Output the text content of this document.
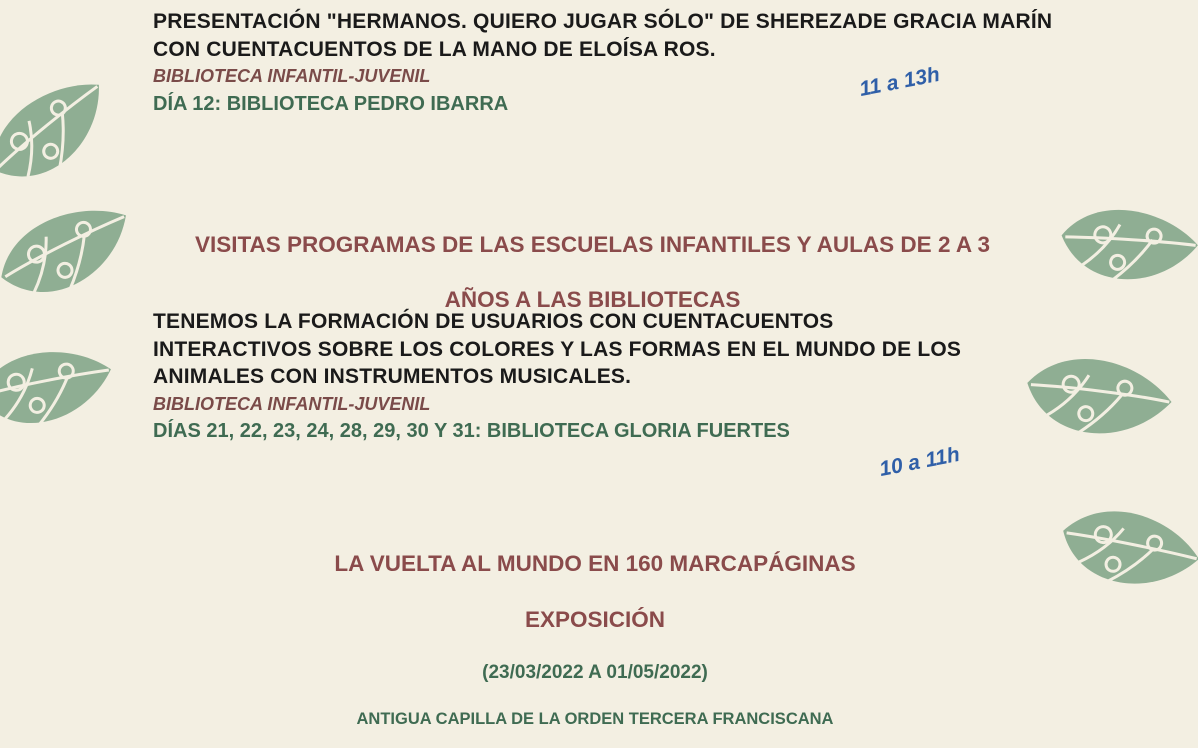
PRESENTACIÓN "HERMANOS. QUIERO JUGAR SÓLO" DE SHEREZADE GRACIA MARÍN

CON CUENTACUENTOS DE LA MANO DE ELOÍSA ROS.

BIBLIOTECA INFANTIL-JUVENIL

DÍA 12: BIBLIOTECA PEDRO IBARRA

11 a 13h

VISITAS PROGRAMAS DE LAS ESCUELAS INFANTILES Y AULAS DE 2 A 3

AÑOS A LAS BIBLIOTECAS

TENEMOS LA FORMACIÓN DE USUARIOS CON CUENTACUENTOS

INTERACTIVOS SOBRE LOS COLORES Y LAS FORMAS EN EL MUNDO DE LOS

ANIMALES CON INSTRUMENTOS MUSICALES.

BIBLIOTECA INFANTIL-JUVENIL

DÍAS 21, 22, 23, 24, 28, 29, 30 Y 31: BIBLIOTECA GLORIA FUERTES

10 a 11h

LA VUELTA AL MUNDO EN 160 MARCAPÁGINAS

EXPOSICIÓN

(23/03/2022 A 01/05/2022)

ANTIGUA CAPILLA DE LA ORDEN TERCERA FRANCISCANA
